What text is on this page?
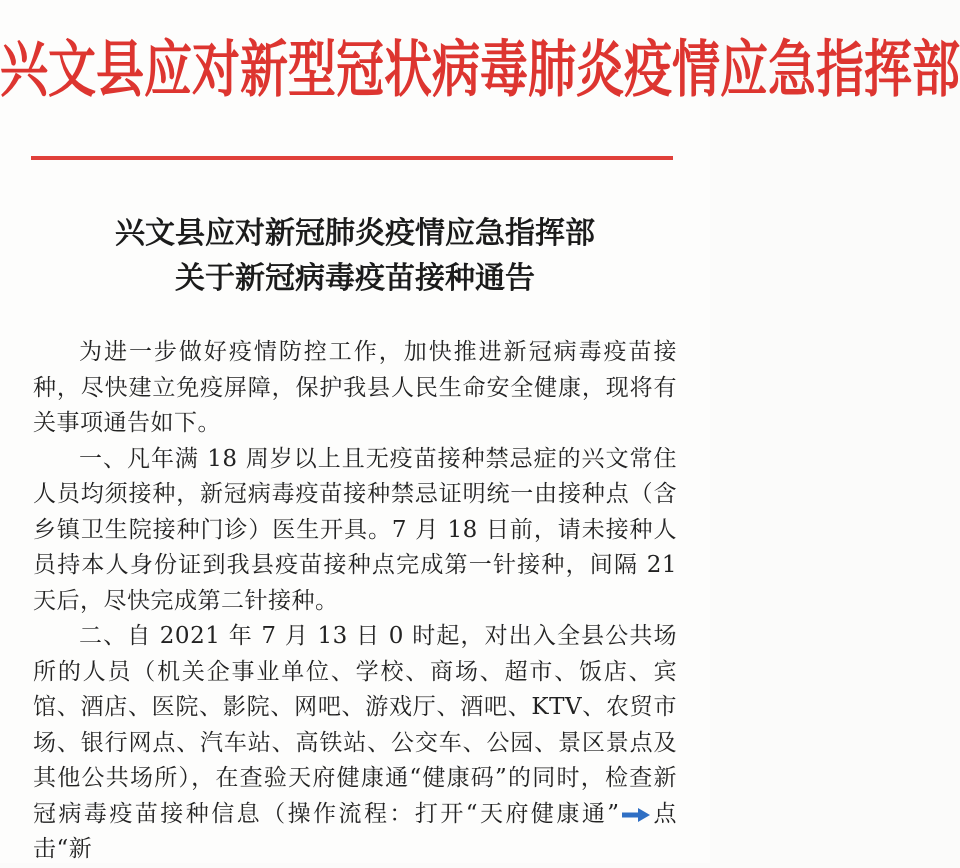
兴文县应对新型冠状病毒肺炎疫情应急指挥部
兴文县应对新冠肺炎疫情应急指挥部
关于新冠病毒疫苗接种通告

为进一步做好疫情防控工作，加快推进新冠病毒疫苗接种，尽快建立免疫屏障，保护我县人民生命安全健康，现将有关事项通告如下。

一、凡年满 18 周岁以上且无疫苗接种禁忌症的兴文常住人员均须接种，新冠病毒疫苗接种禁忌证明统一由接种点（含乡镇卫生院接种门诊）医生开具。7 月 18 日前，请未接种人员持本人身份证到我县疫苗接种点完成第一针接种，间隔 21 天后，尽快完成第二针接种。

二、自 2021 年 7 月 13 日 0 时起，对出入全县公共场所的人员（机关企事业单位、学校、商场、超市、饭店、宾馆、酒店、医院、影院、网吧、游戏厅、酒吧、KTV、农贸市场、银行网点、汽车站、高铁站、公交车、公园、景区景点及其他公共场所），在查验天府健康通“健康码”的同时，检查新冠病毒疫苗接种信息（操作流程：打开“天府健康通” 点击“新
